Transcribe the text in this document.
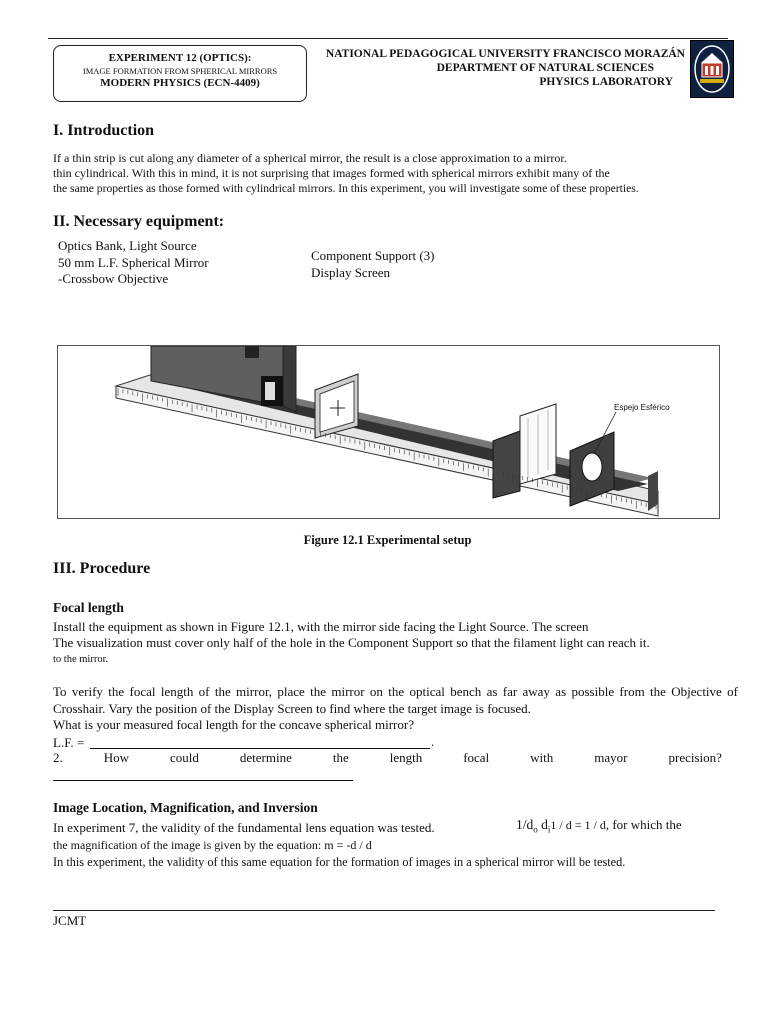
EXPERIMENT 12 (OPTICS):
IMAGE FORMATION FROM SPHERICAL MIRRORS
MODERN PHYSICS (ECN-4409)
NATIONAL PEDAGOGICAL UNIVERSITY FRANCISCO MORAZÁN
DEPARTMENT OF NATURAL SCIENCES
PHYSICS LABORATORY
I. Introduction
If a thin strip is cut along any diameter of a spherical mirror, the result is a close approximation to a mirror.
thin cylindrical. With this in mind, it is not surprising that images formed with spherical mirrors exhibit many of the
the same properties as those formed with cylindrical mirrors. In this experiment, you will investigate some of these properties.
II. Necessary equipment:
Optics Bank, Light Source
50 mm L.F. Spherical Mirror
-Crossbow Objective
Component Support (3)
Display Screen
Espejo Esférico
Figure 12.1 Experimental setup
III. Procedure
Focal length
Install the equipment as shown in Figure 12.1, with the mirror side facing the Light Source. The screen
The visualization must cover only half of the hole in the Component Support so that the filament light can reach it.
to the mirror.
To verify the focal length of the mirror, place the mirror on the optical bench as far away as possible from the Objective of
Crosshair. Vary the position of the Display Screen to find where the target image is focused.
What is your measured focal length for the concave spherical mirror?
L.F. =	.
2.	How	could	determine	the	length	focal	with	mayor	precision?
Image Location, Magnification, and Inversion
In experiment 7, the validity of the fundamental lens equation was tested.	$1/d_o$ $d_i1 / d = 1 / d$, for which the
the magnification of the image is given by the equation: m = -d / d
In this experiment, the validity of this same equation for the formation of images in a spherical mirror will be tested.
JCMT
